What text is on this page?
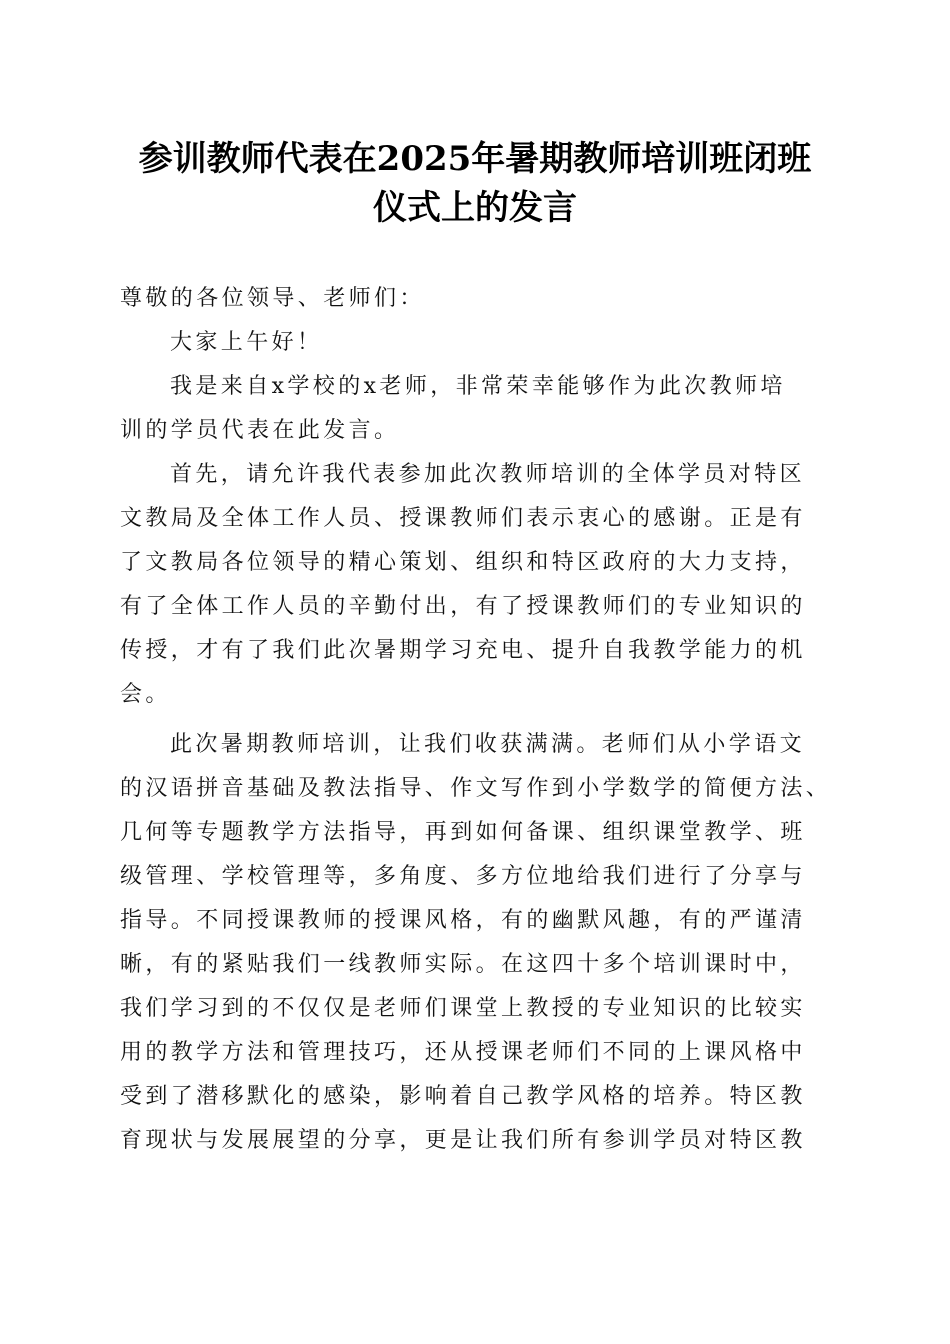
参训教师代表在2025年暑期教师培训班闭班
仪式上的发言
尊敬的各位领导、老师们：
大家上午好！
我是来自x学校的x老师，非常荣幸能够作为此次教师培
训的学员代表在此发言。
首先，请允许我代表参加此次教师培训的全体学员对特区
文教局及全体工作人员、授课教师们表示衷心的感谢。正是有
了文教局各位领导的精心策划、组织和特区政府的大力支持，
有了全体工作人员的辛勤付出，有了授课教师们的专业知识的
传授，才有了我们此次暑期学习充电、提升自我教学能力的机
会。
此次暑期教师培训，让我们收获满满。老师们从小学语文
的汉语拼音基础及教法指导、作文写作到小学数学的简便方法、
几何等专题教学方法指导，再到如何备课、组织课堂教学、班
级管理、学校管理等，多角度、多方位地给我们进行了分享与
指导。不同授课教师的授课风格，有的幽默风趣，有的严谨清
晰，有的紧贴我们一线教师实际。在这四十多个培训课时中，
我们学习到的不仅仅是老师们课堂上教授的专业知识的比较实
用的教学方法和管理技巧，还从授课老师们不同的上课风格中
受到了潜移默化的感染，影响着自己教学风格的培养。特区教
育现状与发展展望的分享，更是让我们所有参训学员对特区教
